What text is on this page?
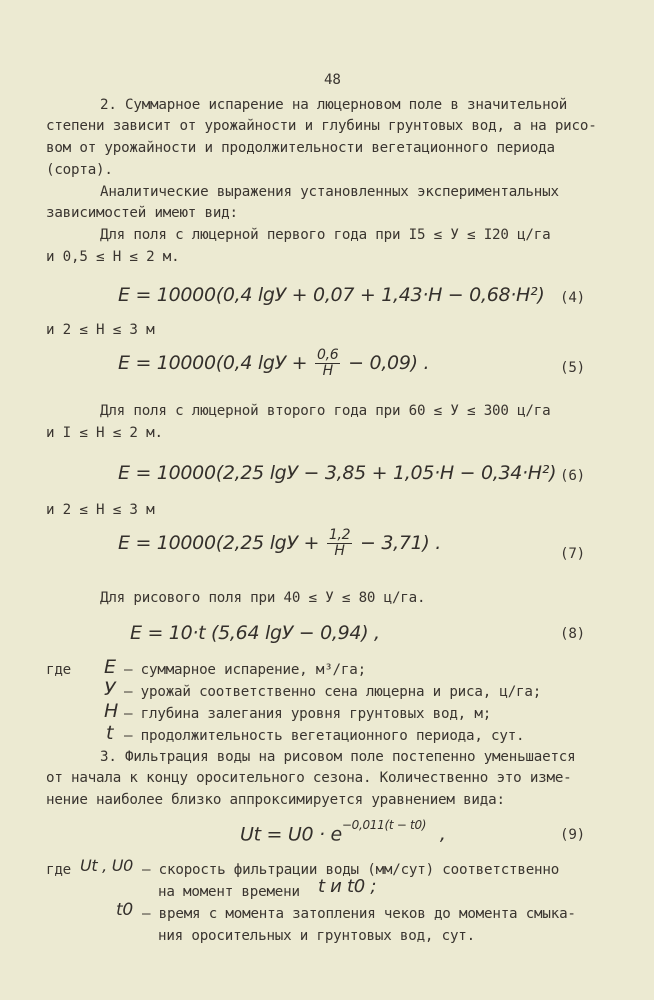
48
2. Суммарное испарение на люцерновом поле в значительной
степени зависит от урожайности и глубины грунтовых вод, а на рисо-
вом от урожайности и продолжительности вегетационного периода
(сорта).
Аналитические выражения установленных экспериментальных
зависимостей имеют вид:
Для поля с люцерной первого года при I5 ≤ У ≤ I20 ц/га
и 0,5 ≤ Н ≤ 2 м.
E = 10000(0,4 lgУ + 0,07 + 1,43·Н − 0,68·Н²) (4)
и 2 ≤ Н ≤ 3 м
E = 10000(0,4 $\lg У + \frac{0,6}{Н} - 0,09$) .	(5)
Для поля с люцерной второго года при 60 ≤ У ≤ 300 ц/га
и I ≤ Н ≤ 2 м.
E = 10000(2,25 lgУ − 3,85 + 1,05·Н − 0,34·Н²) (6)
и 2 ≤ Н ≤ 3 м
E = 10000(2,25 $\lg У + \frac{1,2}{Н} - 3,71$) .	(7)
Для рисового поля при 40 ≤ У ≤ 80 ц/га.
E = 10·t (5,64 lgУ − 0,94) ,	(8)
где E – суммарное испарение, м³/га;
У – урожай соответственно сена люцерна и риса, ц/га;
Н – глубина залегания уровня грунтовых вод, м;
t – продолжительность вегетационного периода, сут.
3. Фильтрация воды на рисовом поле постепенно уменьшается
от начала к концу оросительного сезона. Количественно это изме-
нение наиболее близко аппроксимируется уравнением вида:
$Ut = U0 \cdot e^{-0,011(t - t0)}$ ,	(9)
где Ut , U0 – скорость фильтрации воды (мм/сут) соответственно
на момент времени t и t0 ;
t0 – время с момента затопления чеков до момента смыка-
ния оросительных и грунтовых вод, сут.
